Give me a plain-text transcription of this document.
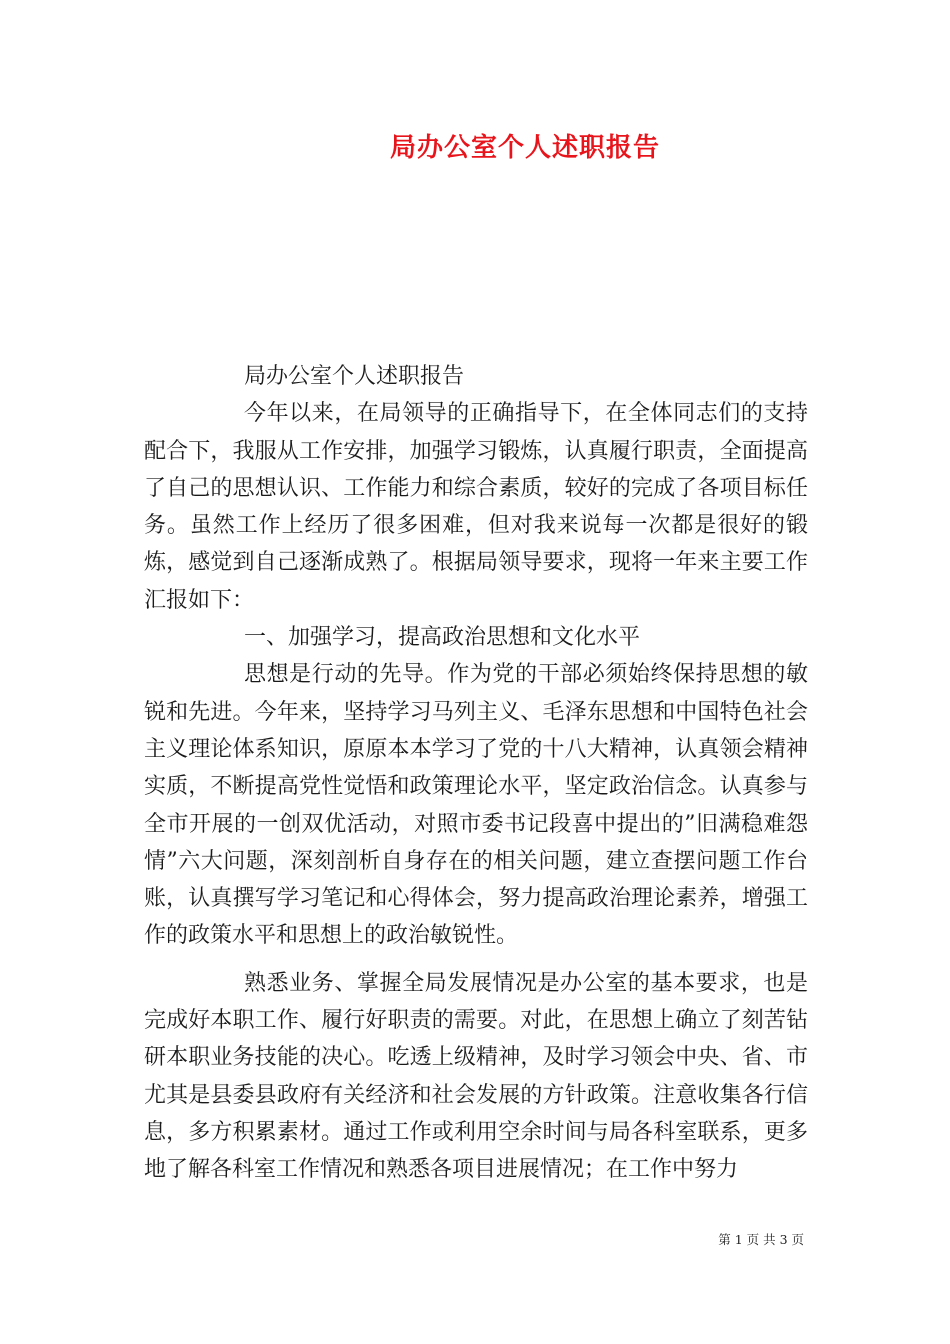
局办公室个人述职报告

局办公室个人述职报告

今年以来，在局领导的正确指导下，在全体同志们的支持配合下，我服从工作安排，加强学习锻炼，认真履行职责，全面提高了自己的思想认识、工作能力和综合素质，较好的完成了各项目标任务。虽然工作上经历了很多困难，但对我来说每一次都是很好的锻炼，感觉到自己逐渐成熟了。根据局领导要求，现将一年来主要工作汇报如下：

一、加强学习，提高政治思想和文化水平

思想是行动的先导。作为党的干部必须始终保持思想的敏锐和先进。今年来，坚持学习马列主义、毛泽东思想和中国特色社会主义理论体系知识，原原本本学习了党的十八大精神，认真领会精神实质，不断提高党性觉悟和政策理论水平，坚定政治信念。认真参与全市开展的一创双优活动，对照市委书记段喜中提出的”旧满稳难怨情”六大问题，深刻剖析自身存在的相关问题，建立查摆问题工作台账，认真撰写学习笔记和心得体会，努力提高政治理论素养，增强工作的政策水平和思想上的政治敏锐性。

熟悉业务、掌握全局发展情况是办公室的基本要求，也是完成好本职工作、履行好职责的需要。对此，在思想上确立了刻苦钻研本职业务技能的决心。吃透上级精神，及时学习领会中央、省、市尤其是县委县政府有关经济和社会发展的方针政策。注意收集各行信息，多方积累素材。通过工作或利用空余时间与局各科室联系，更多地了解各科室工作情况和熟悉各项目进展情况；在工作中努力

第 1 页 共 3 页
